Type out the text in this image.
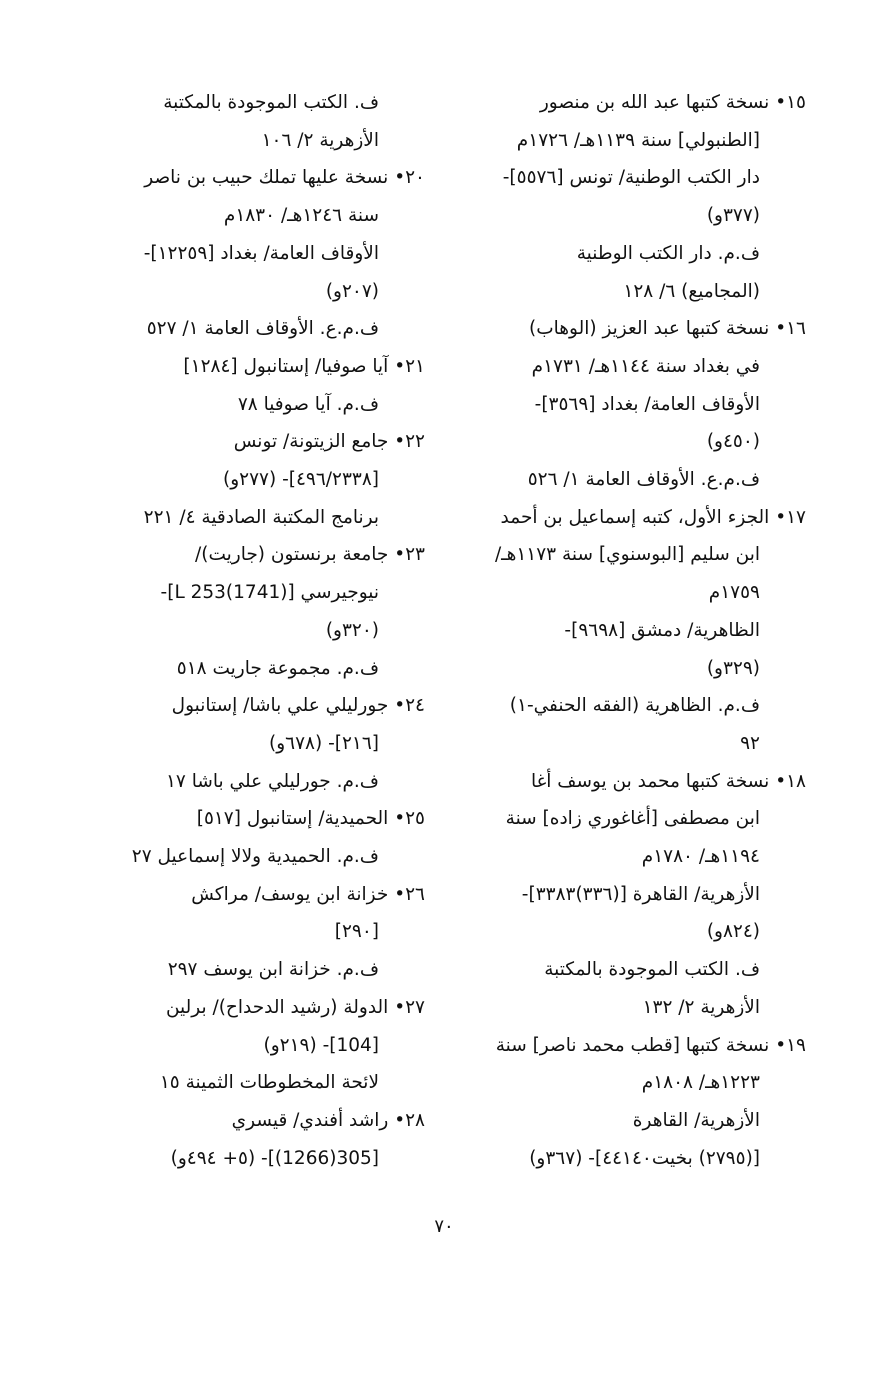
١٥• نسخة كتبها عبد الله بن منصور
[الطنبولي] سنة ١١٣٩هـ/ ١٧٢٦م
دار الكتب الوطنية/ تونس [٥٥٧٦]-
(٣٧٧و)
ف.م. دار الكتب الوطنية
(المجاميع) ٦/ ١٢٨
١٦• نسخة كتبها عبد العزيز (الوهاب)
في بغداد سنة ١١٤٤هـ/ ١٧٣١م
الأوقاف العامة/ بغداد [٣٥٦٩]-
(٤٥٠و)
ف.م.ع. الأوقاف العامة ١/ ٥٢٦
١٧• الجزء الأول، كتبه إسماعيل بن أحمد
ابن سليم [البوسنوي] سنة ١١٧٣هـ/
١٧٥٩م
الظاهرية/ دمشق [٩٦٩٨]-
(٣٢٩و)
ف.م. الظاهرية (الفقه الحنفي-١)
٩٢
١٨• نسخة كتبها محمد بن يوسف أغا
ابن مصطفى [أغاغوري زاده] سنة
١١٩٤هـ/ ١٧٨٠م
الأزهرية/ القاهرة [(٣٣٦)٣٣٨٣]-
(٨٢٤و)
ف. الكتب الموجودة بالمكتبة
الأزهرية ٢/ ١٣٢
١٩• نسخة كتبها [قطب محمد ناصر] سنة
١٢٢٣هـ/ ١٨٠٨م
الأزهرية/ القاهرة
[(٢٧٩٥) بخيت٤٤١٤٠]- (٣٦٧و)
ف. الكتب الموجودة بالمكتبة
الأزهرية ٢/ ١٠٦
٢٠• نسخة عليها تملك حبيب بن ناصر
سنة ١٢٤٦هـ/ ١٨٣٠م
الأوقاف العامة/ بغداد [١٢٢٥٩]-
(٢٠٧و)
ف.م.ع. الأوقاف العامة ١/ ٥٢٧
٢١• آيا صوفيا/ إستانبول [١٢٨٤]
ف.م. آيا صوفيا ٧٨
٢٢• جامع الزيتونة/ تونس
[٤٩٦/٢٣٣٨]- (٢٧٧و)
برنامج المكتبة الصادقية ٤/ ٢٢١
٢٣• جامعة برنستون (جاريت)/
نيوجيرسي [L 253(1741)]-
(٣٢٠و)
ف.م. مجموعة جاريت ٥١٨
٢٤• جورليلي علي باشا/ إستانبول
[٢١٦]- (٦٧٨و)
ف.م. جورليلي علي باشا ١٧
٢٥• الحميدية/ إستانبول [٥١٧]
ف.م. الحميدية ولالا إسماعيل ٢٧
٢٦• خزانة ابن يوسف/ مراكش
[٢٩٠]
ف.م. خزانة ابن يوسف ٢٩٧
٢٧• الدولة (رشيد الدحداح)/ برلين
[104]- (٢١٩و)
لائحة المخطوطات الثمينة ١٥
٢٨• راشد أفندي/ قيسري
[305(1266)]- (٥+ ٤٩٤و)
٧٠
